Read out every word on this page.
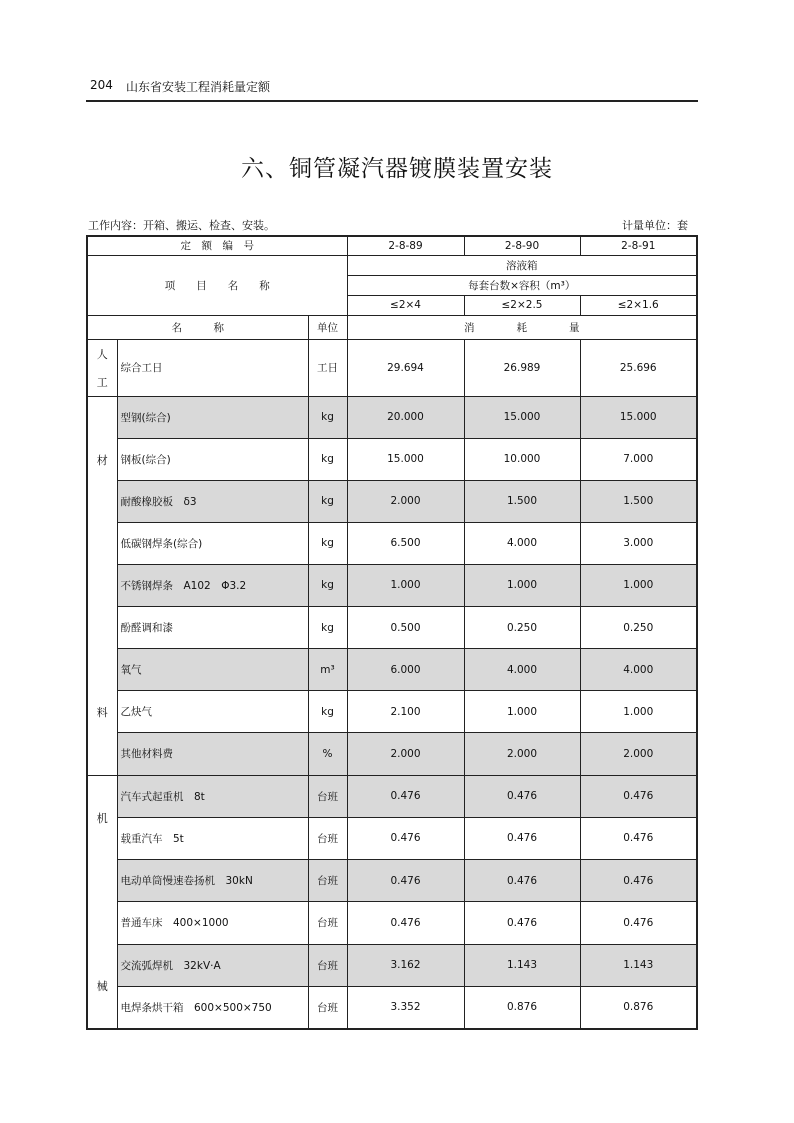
204 山东省安装工程消耗量定额
六、铜管凝汽器镀膜装置安装
工作内容：开箱、搬运、检查、安装。	计量单位：套
定　额　编　号			2-8-89	2-8-90	2-8-91
项　　目　　名　　称			溶液箱		
			每套台数×容积（m³）		
			≤2×4	≤2×2.5	≤2×1.6
名　　　称		单位	消　　　　耗　　　　量		

人
工	综合工日	工日	29.694	26.989	25.696

材
料	型钢(综合)	kg	20.000	15.000	15.000
	钢板(综合)	kg	15.000	10.000	7.000
	耐酸橡胶板　δ3	kg	2.000	1.500	1.500
	低碳钢焊条(综合)	kg	6.500	4.000	3.000
	不锈钢焊条　A102　Φ3.2	kg	1.000	1.000	1.000
	酚醛调和漆	kg	0.500	0.250	0.250
	氧气	m³	6.000	4.000	4.000
	乙炔气	kg	2.100	1.000	1.000
	其他材料费	%	2.000	2.000	2.000

机
械	汽车式起重机　8t	台班	0.476	0.476	0.476
	载重汽车　5t	台班	0.476	0.476	0.476
	电动单筒慢速卷扬机　30kN	台班	0.476	0.476	0.476
	普通车床　400×1000	台班	0.476	0.476	0.476
	交流弧焊机　32kV·A	台班	3.162	1.143	1.143
	电焊条烘干箱　600×500×750	台班	3.352	0.876	0.876
